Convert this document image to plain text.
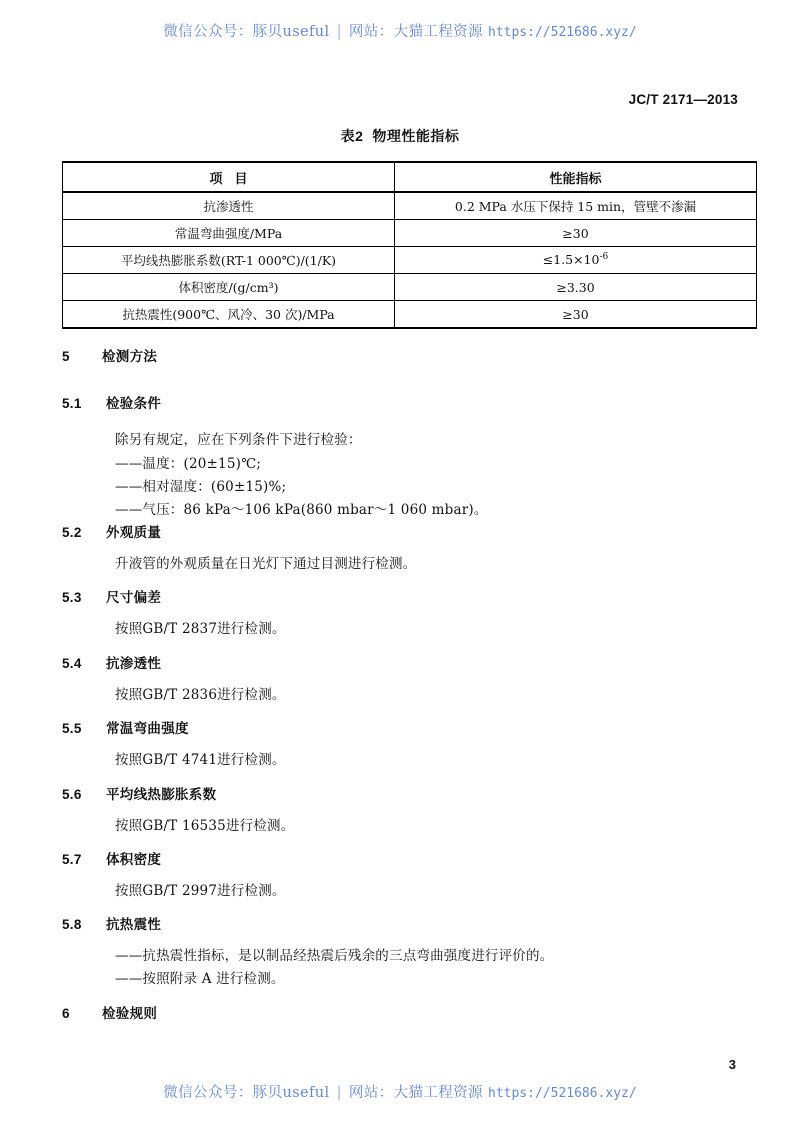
微信公众号：豚贝useful | 网站：大猫工程资源 https://521686.xyz/
JC/T 2171—2013
表2 物理性能指标
项 目	性能指标
抗渗透性	0.2 MPa 水压下保持 15 min，管壁不渗漏
常温弯曲强度/MPa	≥30
平均线热膨胀系数(RT-1 000℃)/(1/K)	$\le 1.5\times 10^{-6}$
体积密度/(g/cm³)	≥3.30
抗热震性(900℃、风冷、30 次)/MPa	≥30
5 检测方法
5.1 检验条件
除另有规定，应在下列条件下进行检验：
——温度：(20±15)℃;
——相对湿度：(60±15)%;
——气压：86 kPa～106 kPa(860 mbar～1 060 mbar)。
5.2 外观质量
升液管的外观质量在日光灯下通过目测进行检测。
5.3 尺寸偏差
按照GB/T 2837进行检测。
5.4 抗渗透性
按照GB/T 2836进行检测。
5.5 常温弯曲强度
按照GB/T 4741进行检测。
5.6 平均线热膨胀系数
按照GB/T 16535进行检测。
5.7 体积密度
按照GB/T 2997进行检测。
5.8 抗热震性
——抗热震性指标，是以制品经热震后残余的三点弯曲强度进行评价的。
——按照附录 A 进行检测。
6 检验规则
3
微信公众号：豚贝useful | 网站：大猫工程资源 https://521686.xyz/
